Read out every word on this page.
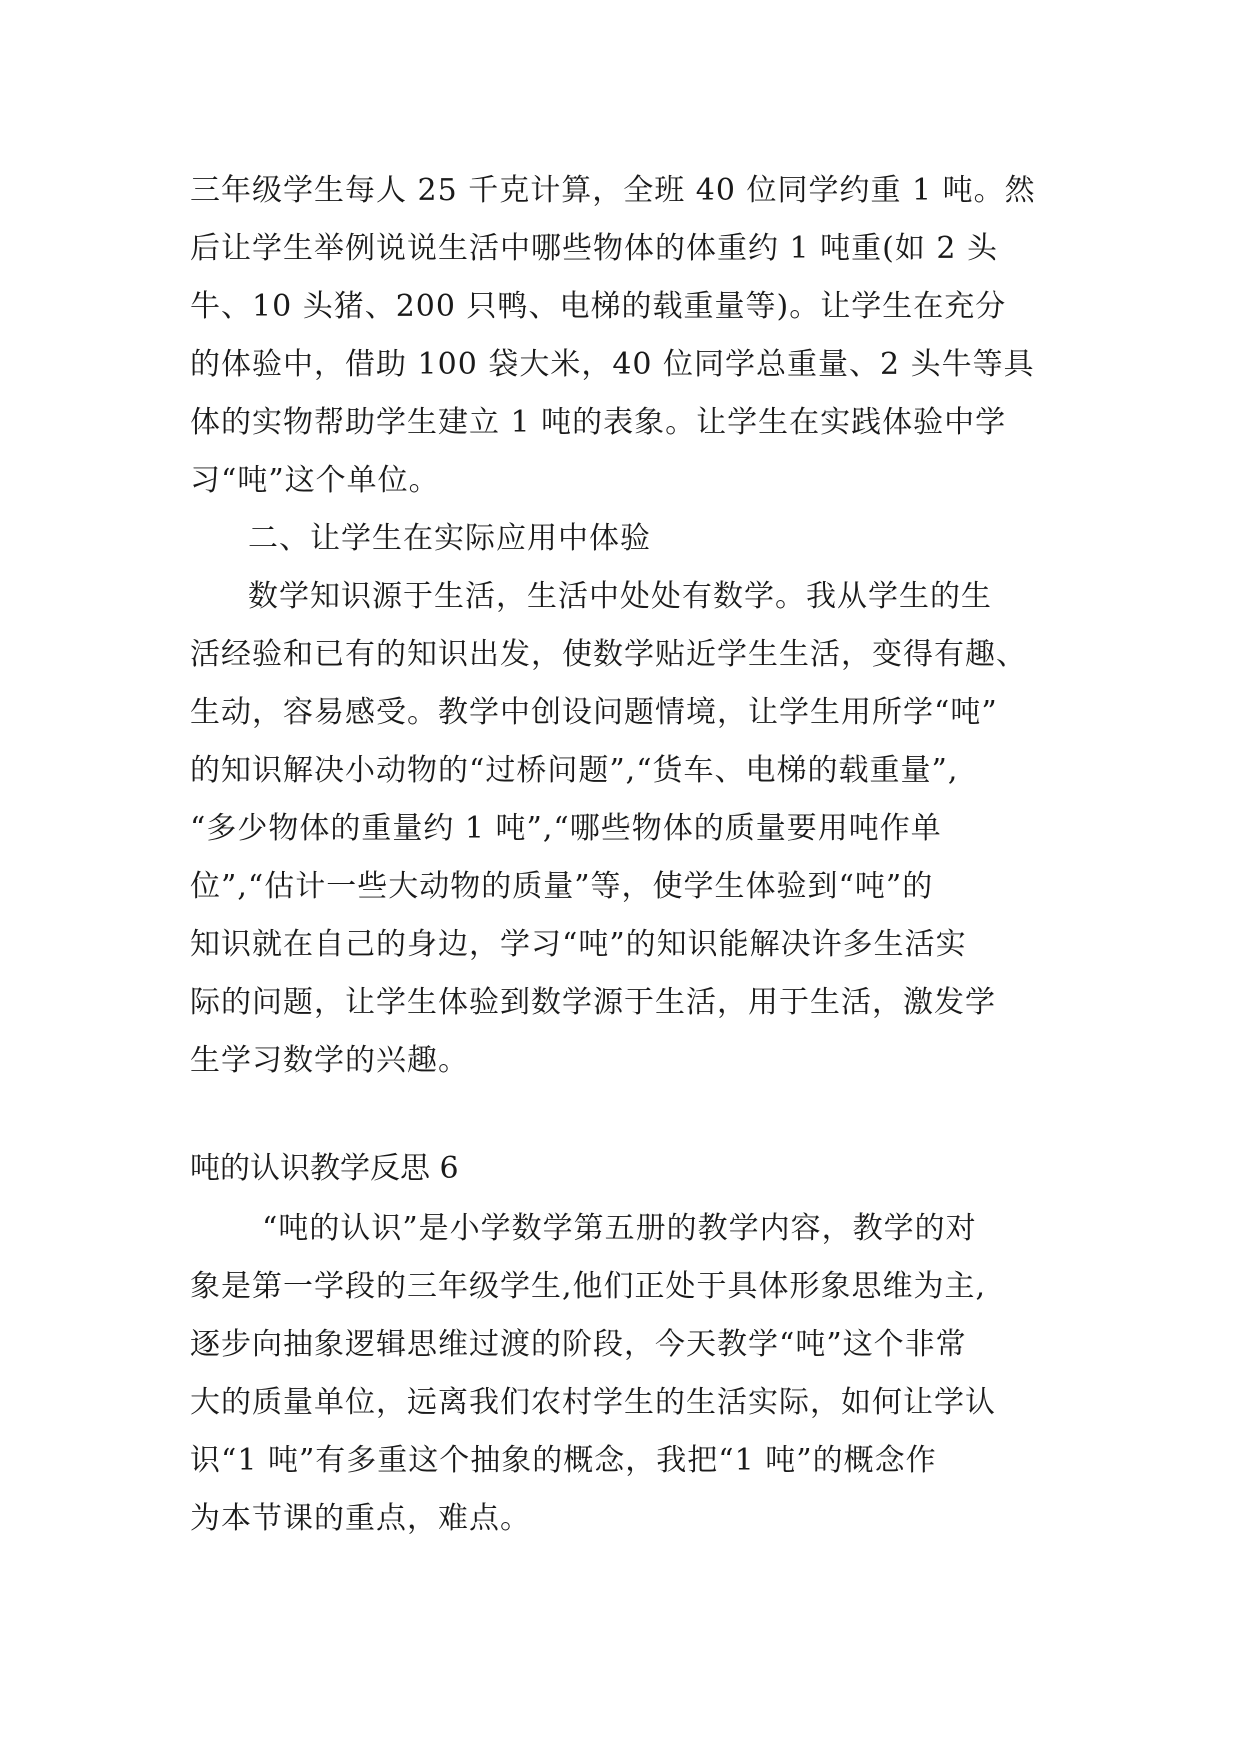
三年级学生每人 25 千克计算，全班 40 位同学约重 1 吨。然
后让学生举例说说生活中哪些物体的体重约 1 吨重(如 2 头
牛、10 头猪、200 只鸭、电梯的载重量等)。让学生在充分
的体验中，借助 100 袋大米，40 位同学总重量、2 头牛等具
体的实物帮助学生建立 1 吨的表象。让学生在实践体验中学
习“吨”这个单位。
二、让学生在实际应用中体验
数学知识源于生活，生活中处处有数学。我从学生的生
活经验和已有的知识出发，使数学贴近学生生活，变得有趣、
生动，容易感受。教学中创设问题情境，让学生用所学“吨”
的知识解决小动物的“过桥问题”,“货车、电梯的载重量”,
“多少物体的重量约 1 吨”,“哪些物体的质量要用吨作单
位”,“估计一些大动物的质量”等，使学生体验到“吨”的
知识就在自己的身边，学习“吨”的知识能解决许多生活实
际的问题，让学生体验到数学源于生活，用于生活，激发学
生学习数学的兴趣。
吨的认识教学反思 6
“吨的认识”是小学数学第五册的教学内容，教学的对
象是第一学段的三年级学生,他们正处于具体形象思维为主,
逐步向抽象逻辑思维过渡的阶段，今天教学“吨”这个非常
大的质量单位，远离我们农村学生的生活实际，如何让学认
识“1 吨”有多重这个抽象的概念，我把“1 吨”的概念作
为本节课的重点，难点。
